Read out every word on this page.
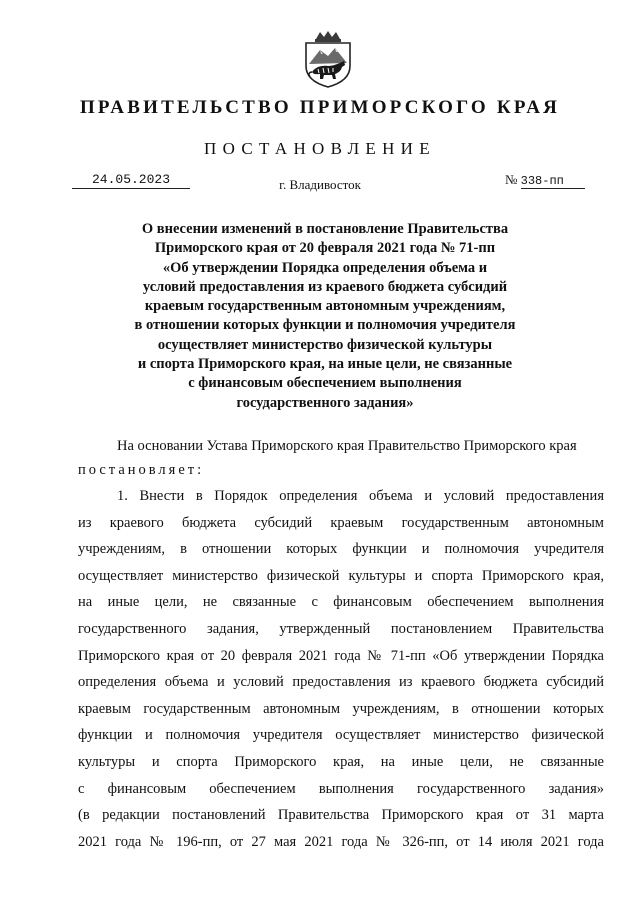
ПРАВИТЕЛЬСТВО ПРИМОРСКОГО КРАЯ
ПОСТАНОВЛЕНИЕ
24.05.2023	г. Владивосток	№ 338-пп
О внесении изменений в постановление Правительства
Приморского края от 20 февраля 2021 года № 71-пп
«Об утверждении Порядка определения объема и
условий предоставления из краевого бюджета субсидий
краевым государственным автономным учреждениям,
в отношении которых функции и полномочия учредителя
осуществляет министерство физической культуры
и спорта Приморского края, на иные цели, не связанные
с финансовым обеспечением выполнения
государственного задания»
На основании Устава Приморского края Правительство Приморского края
постановляет:
1. Внести в Порядок определения объема и условий предоставления
из краевого бюджета субсидий краевым государственным автономным
учреждениям, в отношении которых функции и полномочия учредителя
осуществляет министерство физической культуры и спорта Приморского края,
на иные цели, не связанные с финансовым обеспечением выполнения
государственного задания, утвержденный постановлением Правительства
Приморского края от 20 февраля 2021 года № 71-пп «Об утверждении Порядка
определения объема и условий предоставления из краевого бюджета субсидий
краевым государственным автономным учреждениям, в отношении которых
функции и полномочия учредителя осуществляет министерство физической
культуры и спорта Приморского края, на иные цели, не связанные
с финансовым обеспечением выполнения государственного задания»
(в редакции постановлений Правительства Приморского края от 31 марта
2021 года № 196-пп, от 27 мая 2021 года № 326-пп, от 14 июля 2021 года
